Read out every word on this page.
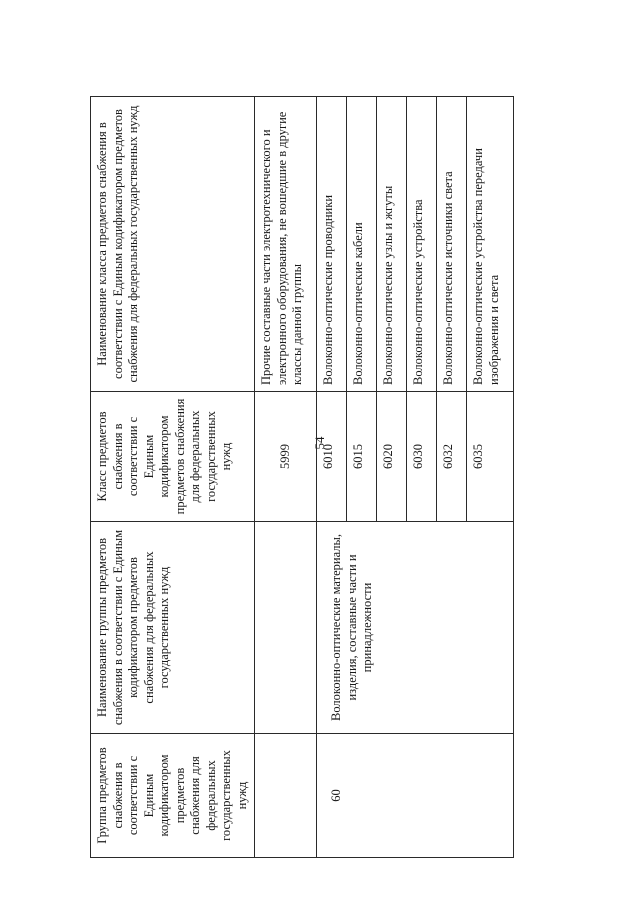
54
Группа предметов снабжения в соответствии с Единым кодификатором предметов снабжения для федеральных государственных нужд	Наименование группы предметов снабжения в соответствии с Единым кодификатором предметов снабжения для федеральных государственных нужд	Класс предметов снабжения в соответствии с Единым кодификатором предметов снабжения для федеральных государственных нужд	Наименование класса предметов снабжения в соответствии с Единым кодификатором предметов снабжения для федеральных государственных нужд
		5999	Прочие составные части электротехнического и электронного оборудования, не вошедшие в другие классы данной группы
60	Волоконно-оптические материалы, изделия, составные части и принадлежности	6010	Волоконно-оптические проводники
		6015	Волоконно-оптические кабели
		6020	Волоконно-оптические узлы и жгуты
		6030	Волоконно-оптические устройства
		6032	Волоконно-оптические источники света
		6035	Волоконно-оптические устройства передачи изображения и света
